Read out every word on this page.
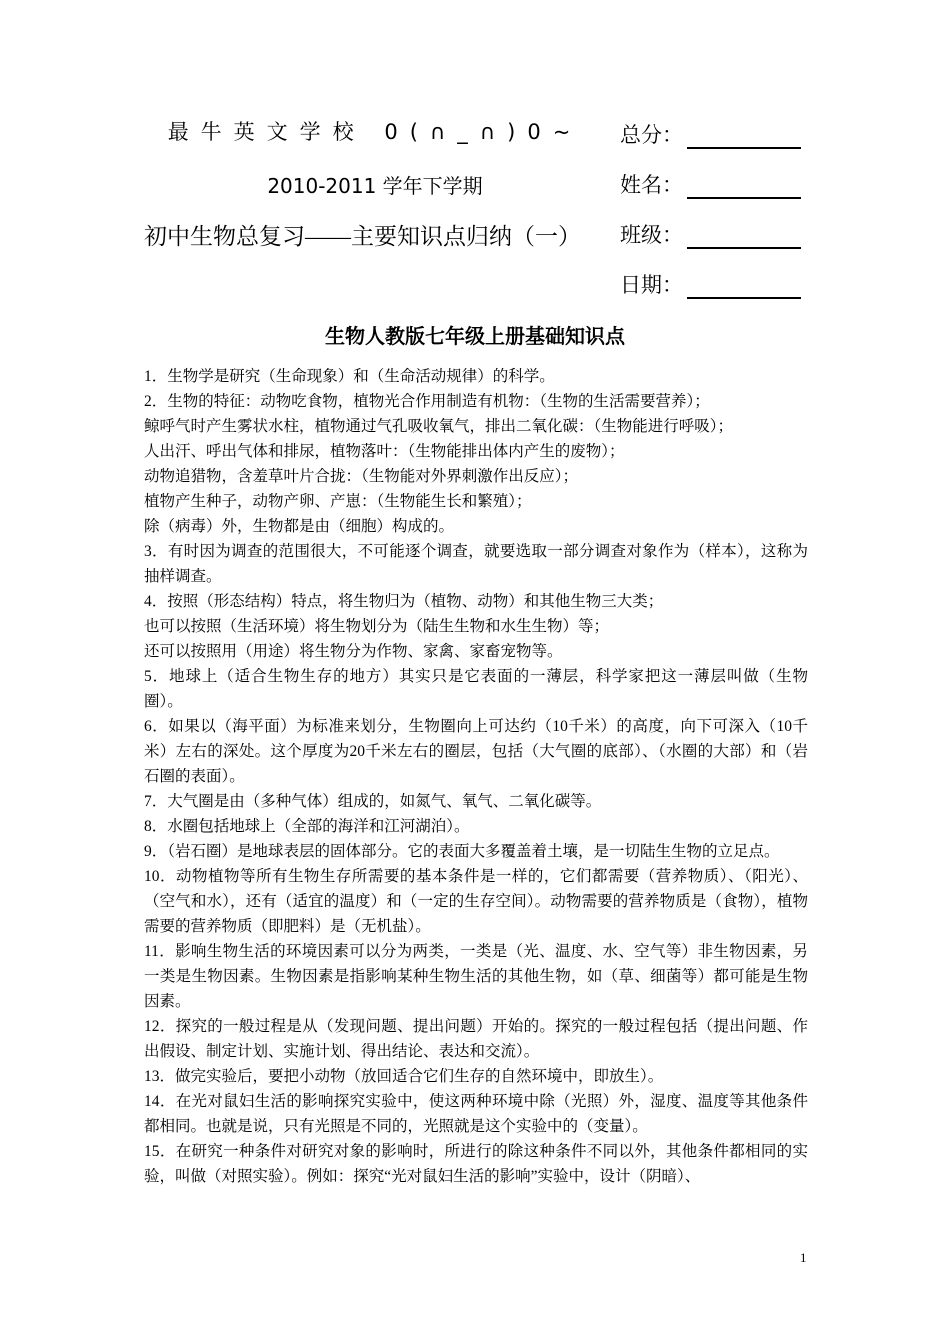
最牛英文学校 0(∩_∩)0~
2010-2011 学年下学期
初中生物总复习——主要知识点归纳（一）
总分：
姓名：
班级：
日期：
生物人教版七年级上册基础知识点

1．生物学是研究（生命现象）和（生命活动规律）的科学。

2．生物的特征：动物吃食物，植物光合作用制造有机物：（生物的生活需要营养）；

鲸呼气时产生雾状水柱，植物通过气孔吸收氧气，排出二氧化碳：（生物能进行呼吸）；

人出汗、呼出气体和排尿，植物落叶：（生物能排出体内产生的废物）；

动物追猎物，含羞草叶片合拢：（生物能对外界刺激作出反应）；

植物产生种子，动物产卵、产崽：（生物能生长和繁殖）；

除（病毒）外，生物都是由（细胞）构成的。

3．有时因为调查的范围很大，不可能逐个调查，就要选取一部分调查对象作为（样本），这称为抽样调查。

4．按照（形态结构）特点，将生物归为（植物、动物）和其他生物三大类；

也可以按照（生活环境）将生物划分为（陆生生物和水生生物）等；

还可以按照用（用途）将生物分为作物、家禽、家畜宠物等。

5．地球上（适合生物生存的地方）其实只是它表面的一薄层，科学家把这一薄层叫做（生物圈）。

6．如果以（海平面）为标准来划分，生物圈向上可达约（10千米）的高度，向下可深入（10千米）左右的深处。这个厚度为20千米左右的圈层，包括（大气圈的底部）、（水圈的大部）和（岩石圈的表面）。

7．大气圈是由（多种气体）组成的，如氮气、氧气、二氧化碳等。

8．水圈包括地球上（全部的海洋和江河湖泊）。

9．（岩石圈）是地球表层的固体部分。它的表面大多覆盖着土壤，是一切陆生生物的立足点。

10．动物植物等所有生物生存所需要的基本条件是一样的，它们都需要（营养物质）、（阳光）、（空气和水），还有（适宜的温度）和（一定的生存空间）。动物需要的营养物质是（食物），植物需要的营养物质（即肥料）是（无机盐）。

11．影响生物生活的环境因素可以分为两类，一类是（光、温度、水、空气等）非生物因素，另一类是生物因素。生物因素是指影响某种生物生活的其他生物，如（草、细菌等）都可能是生物因素。

12．探究的一般过程是从（发现问题、提出问题）开始的。探究的一般过程包括（提出问题、作出假设、制定计划、实施计划、得出结论、表达和交流）。

13．做完实验后，要把小动物（放回适合它们生存的自然环境中，即放生）。

14．在光对鼠妇生活的影响探究实验中，使这两种环境中除（光照）外，湿度、温度等其他条件都相同。也就是说，只有光照是不同的，光照就是这个实验中的（变量）。

15．在研究一种条件对研究对象的影响时，所进行的除这种条件不同以外，其他条件都相同的实验，叫做（对照实验）。例如：探究“光对鼠妇生活的影响”实验中，设计（阴暗）、

1
